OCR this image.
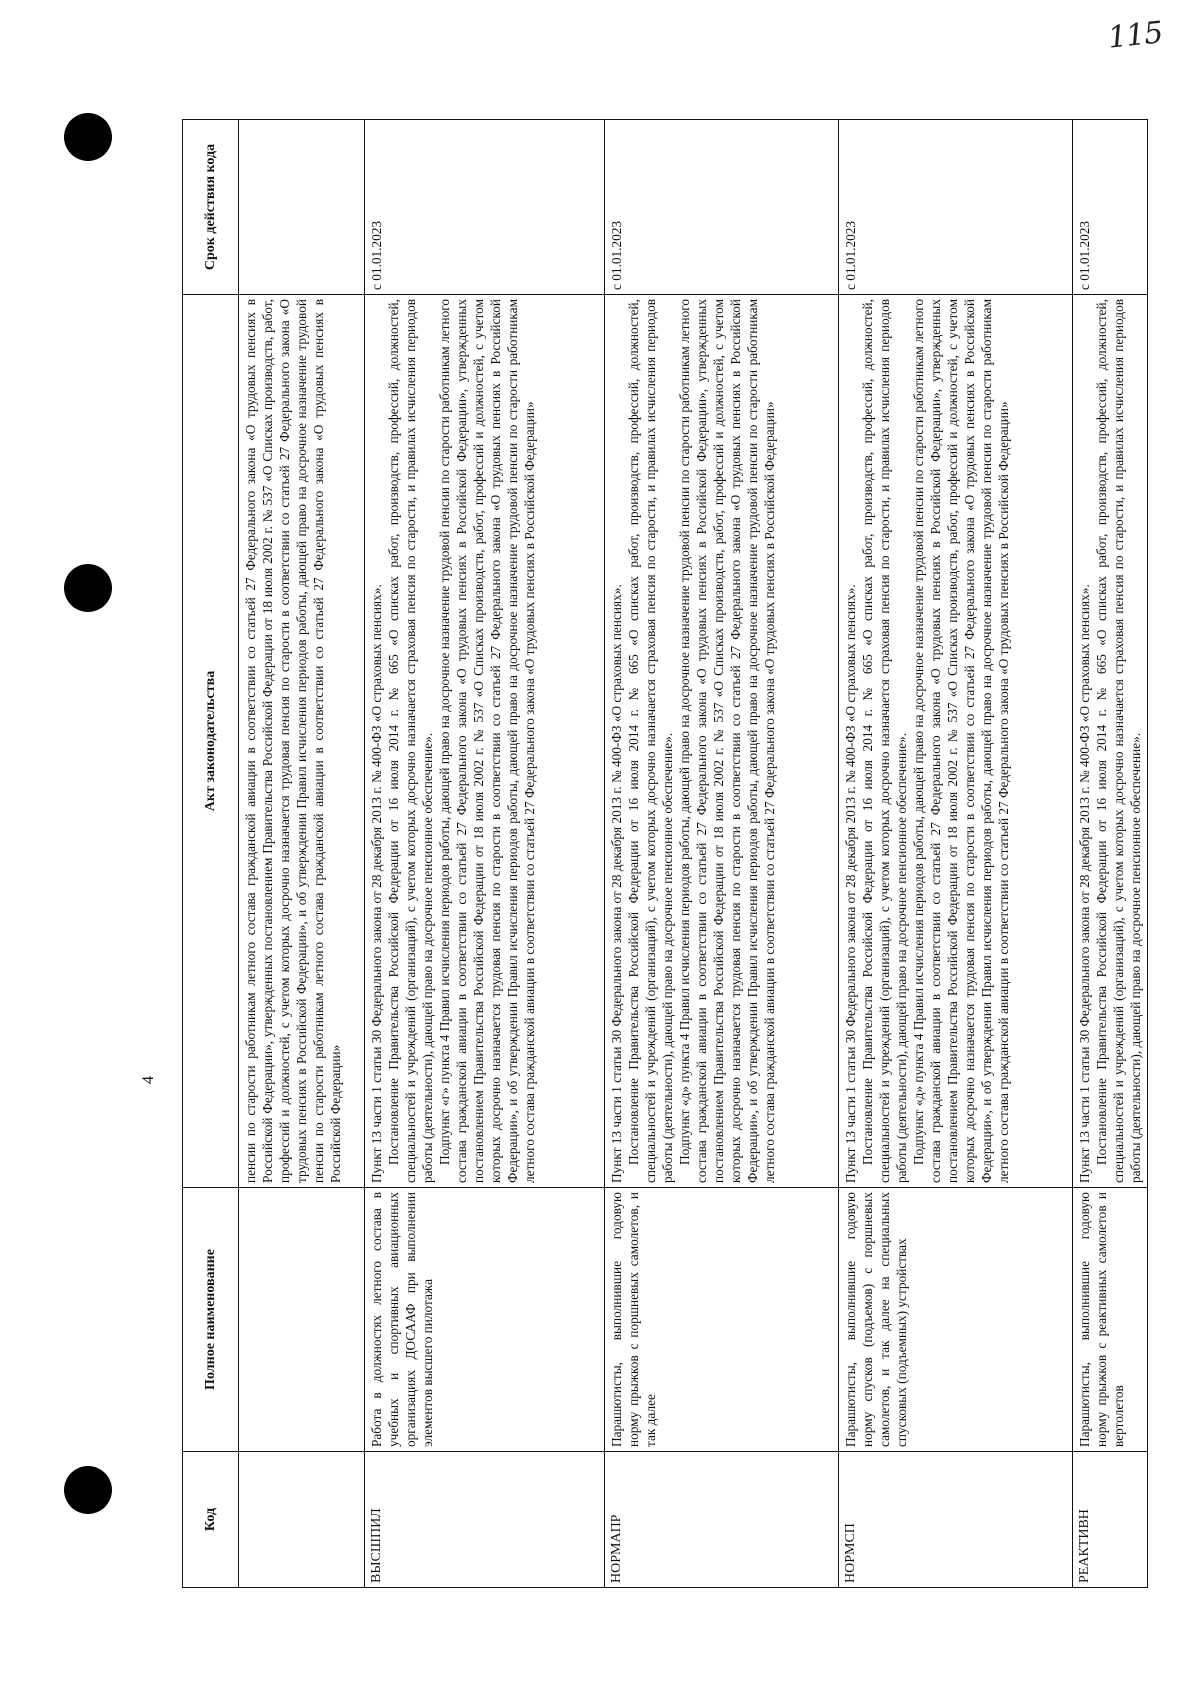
115
4
Код	Полное наименование	Акт законодательства	Срок действия кода

		пенсии по старости работникам летного состава гражданской авиации в соответствии со статьей 27 Федерального закона «О трудовых пенсиях в Российской Федерации», утвержденных постановлением Правительства Российской Федерации от 18 июля 2002 г. № 537 «О Списках производств, работ, профессий и должностей, с учетом которых досрочно назначается трудовая пенсия по старости в соответствии со статьей 27 Федерального закона «О трудовых пенсиях в Российской Федерации», и об утверждении Правил исчисления периодов работы, дающей право на досрочное назначение трудовой пенсии по старости работникам летного состава гражданской авиации в соответствии со статьей 27 Федерального закона «О трудовых пенсиях в Российской Федерации»	

ВЫСШПИЛ	Работа в должностях летного состава в учебных и спортивных авиационных организациях ДОСААФ при выполнении элементов высшего пилотажа	Пункт 13 части 1 статьи 30 Федерального закона от 28 декабря 2013 г. № 400-ФЗ «О страховых пенсиях». Постановление Правительства Российской Федерации от 16 июля 2014 г. № 665 «О списках работ, производств, профессий, должностей, специальностей и учреждений (организаций), с учетом которых досрочно назначается страховая пенсия по старости, и правилах исчисления периодов работы (деятельности), дающей право на досрочное пенсионное обеспечение». Подпункт «г» пункта 4 Правил исчисления периодов работы, дающей право на досрочное назначение трудовой пенсии по старости работникам летного состава гражданской авиации в соответствии со статьей 27 Федерального закона «О трудовых пенсиях в Российской Федерации», утвержденных постановлением Правительства Российской Федерации от 18 июля 2002 г. № 537 «О Списках производств, работ, профессий и должностей, с учетом которых досрочно назначается трудовая пенсия по старости в соответствии со статьей 27 Федерального закона «О трудовых пенсиях в Российской Федерации», и об утверждении Правил исчисления периодов работы, дающей право на досрочное назначение трудовой пенсии по старости работникам летного состава гражданской авиации в соответствии со статьей 27 Федерального закона «О трудовых пенсиях в Российской Федерации»	с 01.01.2023
НОРМАПР	Парашютисты, выполнившие годовую норму прыжков с поршневых самолетов, и так далее	Пункт 13 части 1 статьи 30 Федерального закона от 28 декабря 2013 г. № 400-ФЗ «О страховых пенсиях». Постановление Правительства Российской Федерации от 16 июля 2014 г. № 665 «О списках работ, производств, профессий, должностей, специальностей и учреждений (организаций), с учетом которых досрочно назначается страховая пенсия по старости, и правилах исчисления периодов работы (деятельности), дающей право на досрочное пенсионное обеспечение». Подпункт «д» пункта 4 Правил исчисления периодов работы, дающей право на досрочное назначение трудовой пенсии по старости работникам летного состава гражданской авиации в соответствии со статьей 27 Федерального закона «О трудовых пенсиях в Российской Федерации», утвержденных постановлением Правительства Российской Федерации от 18 июля 2002 г. № 537 «О Списках производств, работ, профессий и должностей, с учетом которых досрочно назначается трудовая пенсия по старости в соответствии со статьей 27 Федерального закона «О трудовых пенсиях в Российской Федерации», и об утверждении Правил исчисления периодов работы, дающей право на досрочное назначение трудовой пенсии по старости работникам летного состава гражданской авиации в соответствии со статьей 27 Федерального закона «О трудовых пенсиях в Российской Федерации»	с 01.01.2023
НОРМСП	Парашютисты, выполнившие годовую норму спусков (подъемов) с поршневых самолетов, и так далее на специальных спусковых (подъемных) устройствах	Пункт 13 части 1 статьи 30 Федерального закона от 28 декабря 2013 г. № 400-ФЗ «О страховых пенсиях». Постановление Правительства Российской Федерации от 16 июля 2014 г. № 665 «О списках работ, производств, профессий, должностей, специальностей и учреждений (организаций), с учетом которых досрочно назначается страховая пенсия по старости, и правилах исчисления периодов работы (деятельности), дающей право на досрочное пенсионное обеспечение». Подпункт «д» пункта 4 Правил исчисления периодов работы, дающей право на досрочное назначение трудовой пенсии по старости работникам летного состава гражданской авиации в соответствии со статьей 27 Федерального закона «О трудовых пенсиях в Российской Федерации», утвержденных постановлением Правительства Российской Федерации от 18 июля 2002 г. № 537 «О Списках производств, работ, профессий и должностей, с учетом которых досрочно назначается трудовая пенсия по старости в соответствии со статьей 27 Федерального закона «О трудовых пенсиях в Российской Федерации», и об утверждении Правил исчисления периодов работы, дающей право на досрочное назначение трудовой пенсии по старости работникам летного состава гражданской авиации в соответствии со статьей 27 Федерального закона «О трудовых пенсиях в Российской Федерации»	с 01.01.2023
РЕАКТИВН	Парашютисты, выполнившие годовую норму прыжков с реактивных самолетов и вертолетов	Пункт 13 части 1 статьи 30 Федерального закона от 28 декабря 2013 г. № 400-ФЗ «О страховых пенсиях». Постановление Правительства Российской Федерации от 16 июля 2014 г. № 665 «О списках работ, производств, профессий, должностей, специальностей и учреждений (организаций), с учетом которых досрочно назначается страховая пенсия по старости, и правилах исчисления периодов работы (деятельности), дающей право на досрочное пенсионное обеспечение».	с 01.01.2023
